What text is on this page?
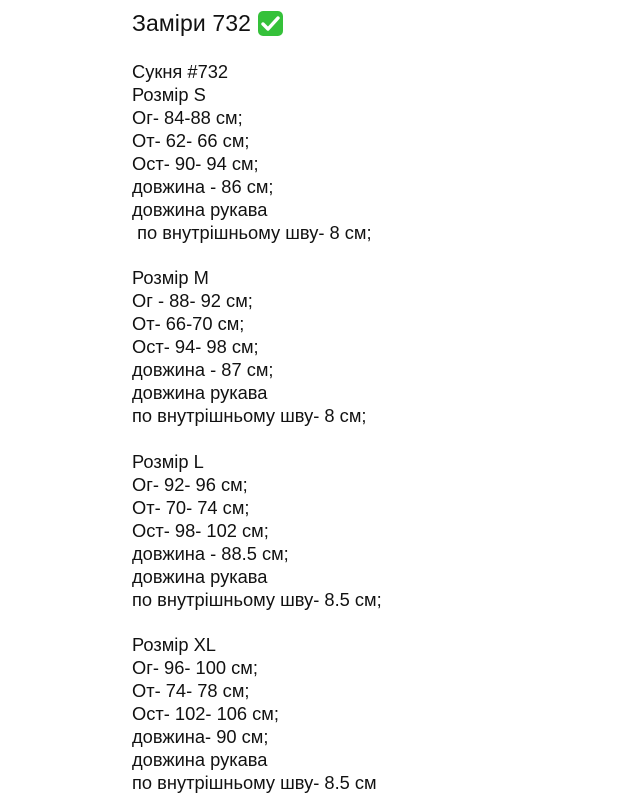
Заміри 732
Сукня #732
Розмір S
Ог- 84-88 см;
От- 62- 66 см;
Ост- 90- 94 см;
довжина - 86 см;
довжина рукава
по внутрішньому шву- 8 см;
Розмір M
Ог - 88- 92 см;
От- 66-70 см;
Ост- 94- 98 см;
довжина - 87 см;
довжина рукава
по внутрішньому шву- 8 см;
Розмір L
Ог- 92- 96 см;
От- 70- 74 см;
Ост- 98- 102 см;
довжина - 88.5 см;
довжина рукава
по внутрішньому шву- 8.5 см;
Розмір XL
Ог- 96- 100 см;
От- 74- 78 см;
Ост- 102- 106 см;
довжина- 90 см;
довжина рукава
по внутрішньому шву- 8.5 см
